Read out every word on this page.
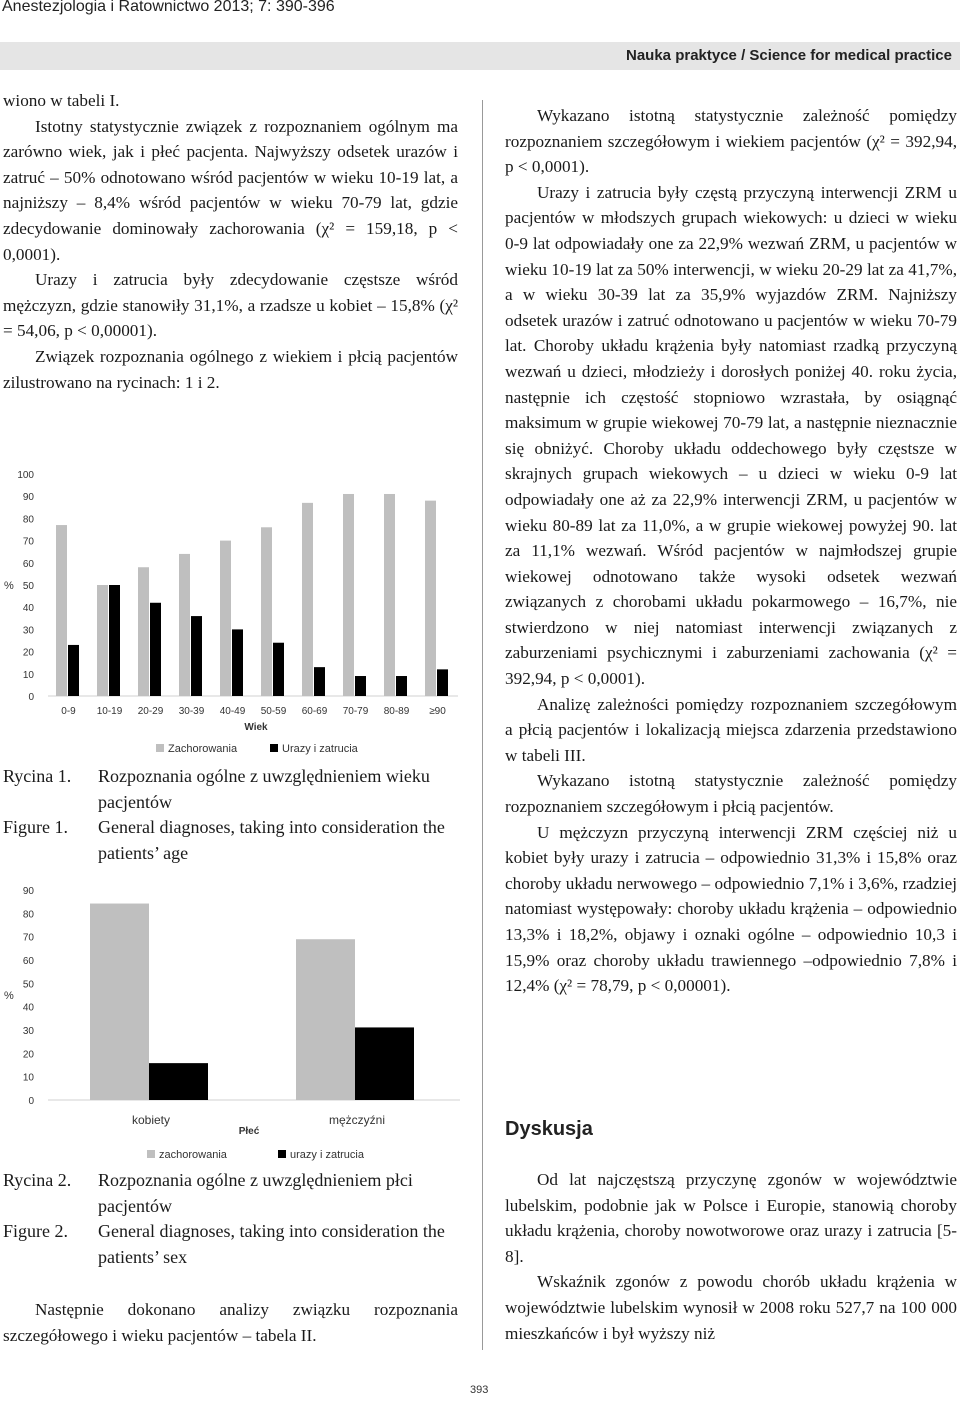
Anestezjologia i Ratownictwo 2013; 7: 390-396
Nauka praktyce / Science for medical practice

wiono w tabeli I.

Istotny statystycznie związek z rozpoznaniem ogólnym ma zarówno wiek, jak i płeć pacjenta. Najwyższy odsetek urazów i zatruć – 50% odnotowano wśród pacjentów w wieku 10-19 lat, a najniższy – 8,4% wśród pacjentów w wieku 70-79 lat, gdzie zdecydowanie dominowały zachorowania (χ² = 159,18, p < 0,0001).

Urazy i zatrucia były zdecydowanie częstsze wśród mężczyzn, gdzie stanowiły 31,1%, a rzadsze u kobiet – 15,8% (χ² = 54,06, p < 0,00001).

Związek rozpoznania ogólnego z wiekiem i płcią pacjentów zilustrowano na rycinach: 1 i 2.

0
10
20
30
40
50
60
70
80
90
100
%
0-9 10-19 20-29 30-39 40-49 50-59 60-69 70-79 80-89 ≥90
Wiek
Zachorowania	Urazy i zatrucia
Rycina 1. Rozpoznania ogólne z uwzględnieniem wieku pacjentów
Figure 1. General diagnoses, taking into consideration the patients’ age
0
10
20
30
40
50
60
70
80
90
%
kobiety	mężczyźni
Płeć
zachorowania	urazy i zatrucia
Rycina 2. Rozpoznania ogólne z uwzględnieniem płci pacjentów
Figure 2. General diagnoses, taking into consideration the patients’ sex

Następnie dokonano analizy związku rozpoznania szczegółowego i wieku pacjentów – tabela II.

Wykazano istotną statystycznie zależność pomiędzy rozpoznaniem szczegółowym i wiekiem pacjentów (χ² = 392,94, p < 0,0001).

Urazy i zatrucia były częstą przyczyną interwencji ZRM u pacjentów w młodszych grupach wiekowych: u dzieci w wieku 0-9 lat odpowiadały one za 22,9% wezwań ZRM, u pacjentów w wieku 10-19 lat za 50% interwencji, w wieku 20-29 lat za 41,7%, a w wieku 30-39 lat za 35,9% wyjazdów ZRM. Najniższy odsetek urazów i zatruć odnotowano u pacjentów w wieku 70-79 lat. Choroby układu krążenia były natomiast rzadką przyczyną wezwań u dzieci, młodzieży i dorosłych poniżej 40. roku życia, następnie ich częstość stopniowo wzrastała, by osiągnąć maksimum w grupie wiekowej 70-79 lat, a następnie nieznacznie się obniżyć. Choroby układu oddechowego były częstsze w skrajnych grupach wiekowych – u dzieci w wieku 0-9 lat odpowiadały one aż za 22,9% interwencji ZRM, u pacjentów w wieku 80-89 lat za 11,0%, a w grupie wiekowej powyżej 90. lat za 11,1% wezwań. Wśród pacjentów w najmłodszej grupie wiekowej odnotowano także wysoki odsetek wezwań związanych z chorobami układu pokarmowego – 16,7%, nie stwierdzono w niej natomiast interwencji związanych z zaburzeniami psychicznymi i zaburzeniami zachowania (χ² = 392,94, p < 0,0001).

Analizę zależności pomiędzy rozpoznaniem szczegółowym a płcią pacjentów i lokalizacją miejsca zdarzenia przedstawiono w tabeli III.

Wykazano istotną statystycznie zależność pomiędzy rozpoznaniem szczegółowym i płcią pacjentów.

U mężczyzn przyczyną interwencji ZRM częściej niż u kobiet były urazy i zatrucia – odpowiednio 31,3% i 15,8% oraz choroby układu nerwowego – odpowiednio 7,1% i 3,6%, rzadziej natomiast występowały: choroby układu krążenia – odpowiednio 13,3% i 18,2%, objawy i oznaki ogólne – odpowiednio 10,3 i 15,9% oraz choroby układu trawiennego –odpowiednio 7,8% i 12,4% (χ² = 78,79, p < 0,00001).

Dyskusja

Od lat najczęstszą przyczynę zgonów w województwie lubelskim, podobnie jak w Polsce i Europie, stanowią choroby układu krążenia, choroby nowotworowe oraz urazy i zatrucia [5-8].

Wskaźnik zgonów z powodu chorób układu krążenia w województwie lubelskim wynosił w 2008 roku 527,7 na 100 000 mieszkańców i był wyższy niż

393
